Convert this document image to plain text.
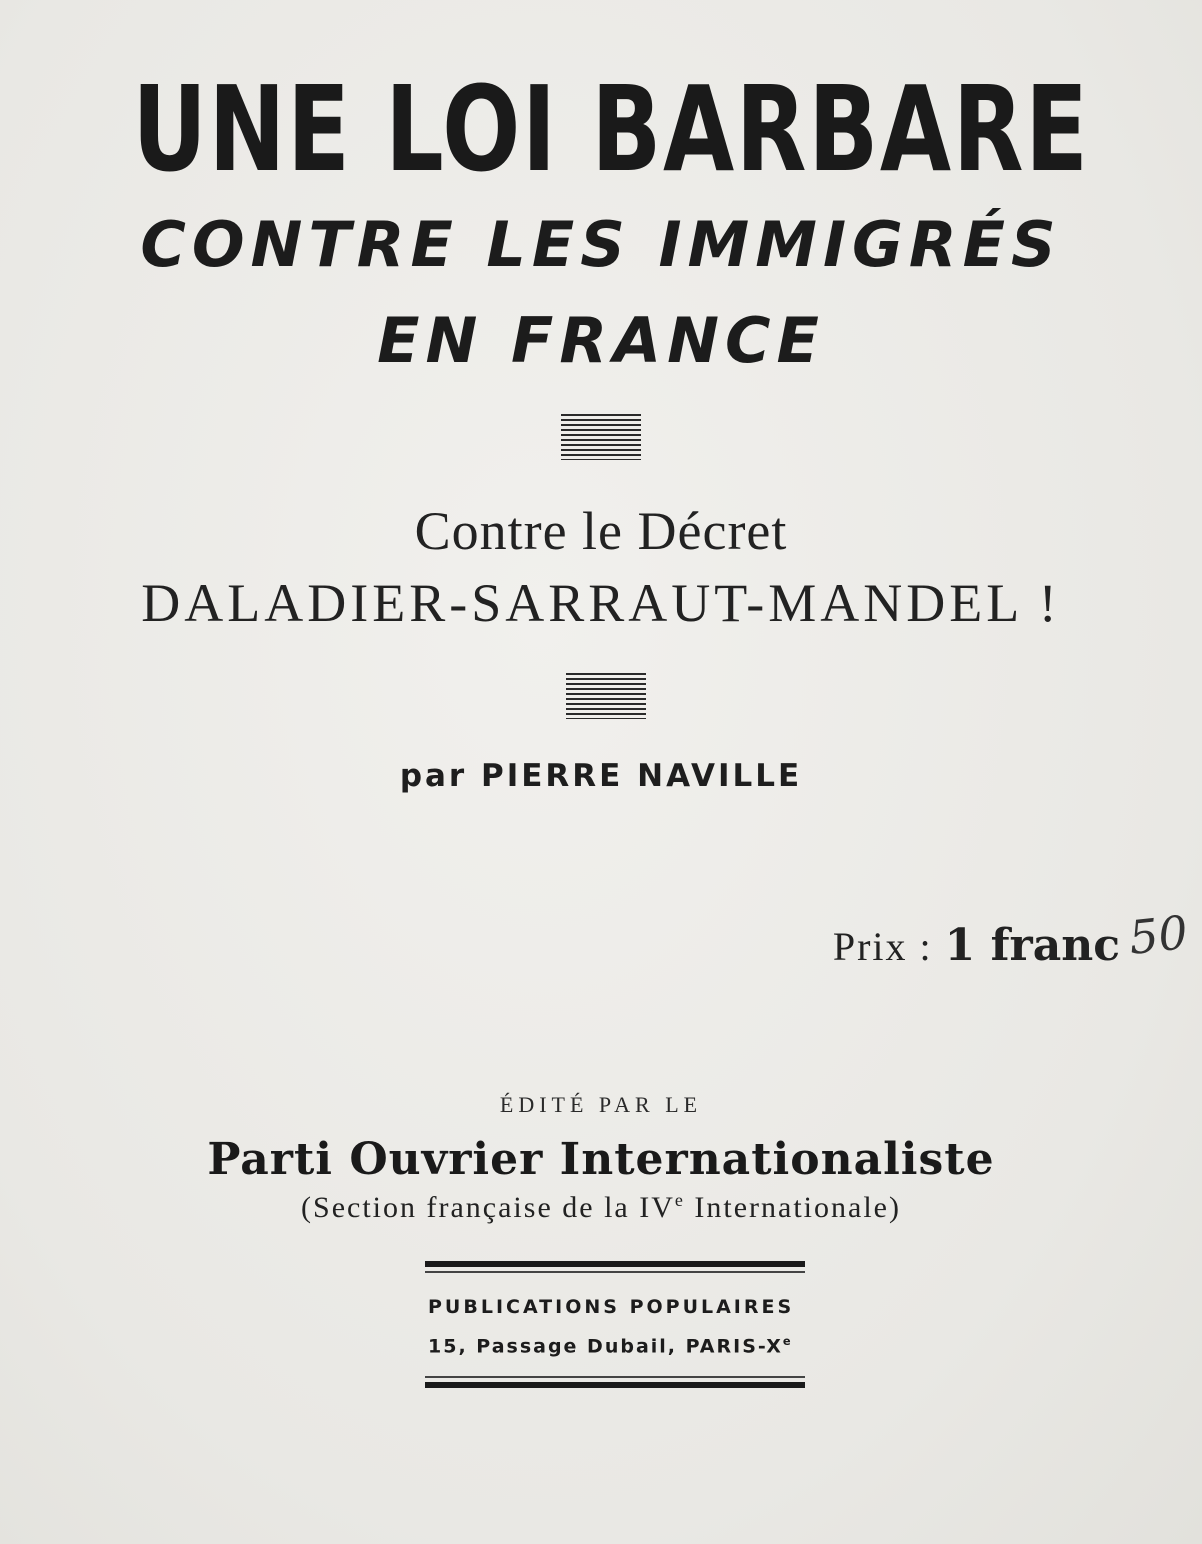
UNE LOI BARBARE
CONTRE LES IMMIGRÉS
EN FRANCE
Contre le Décret
DALADIER-SARRAUT-MANDEL !
par PIERRE NAVILLE
Prix : 1 franc 50
ÉDITÉ PAR LE
Parti Ouvrier Internationaliste
(Section française de la IVe Internationale)
PUBLICATIONS POPULAIRES
15, Passage Dubail, PARIS-Xe
